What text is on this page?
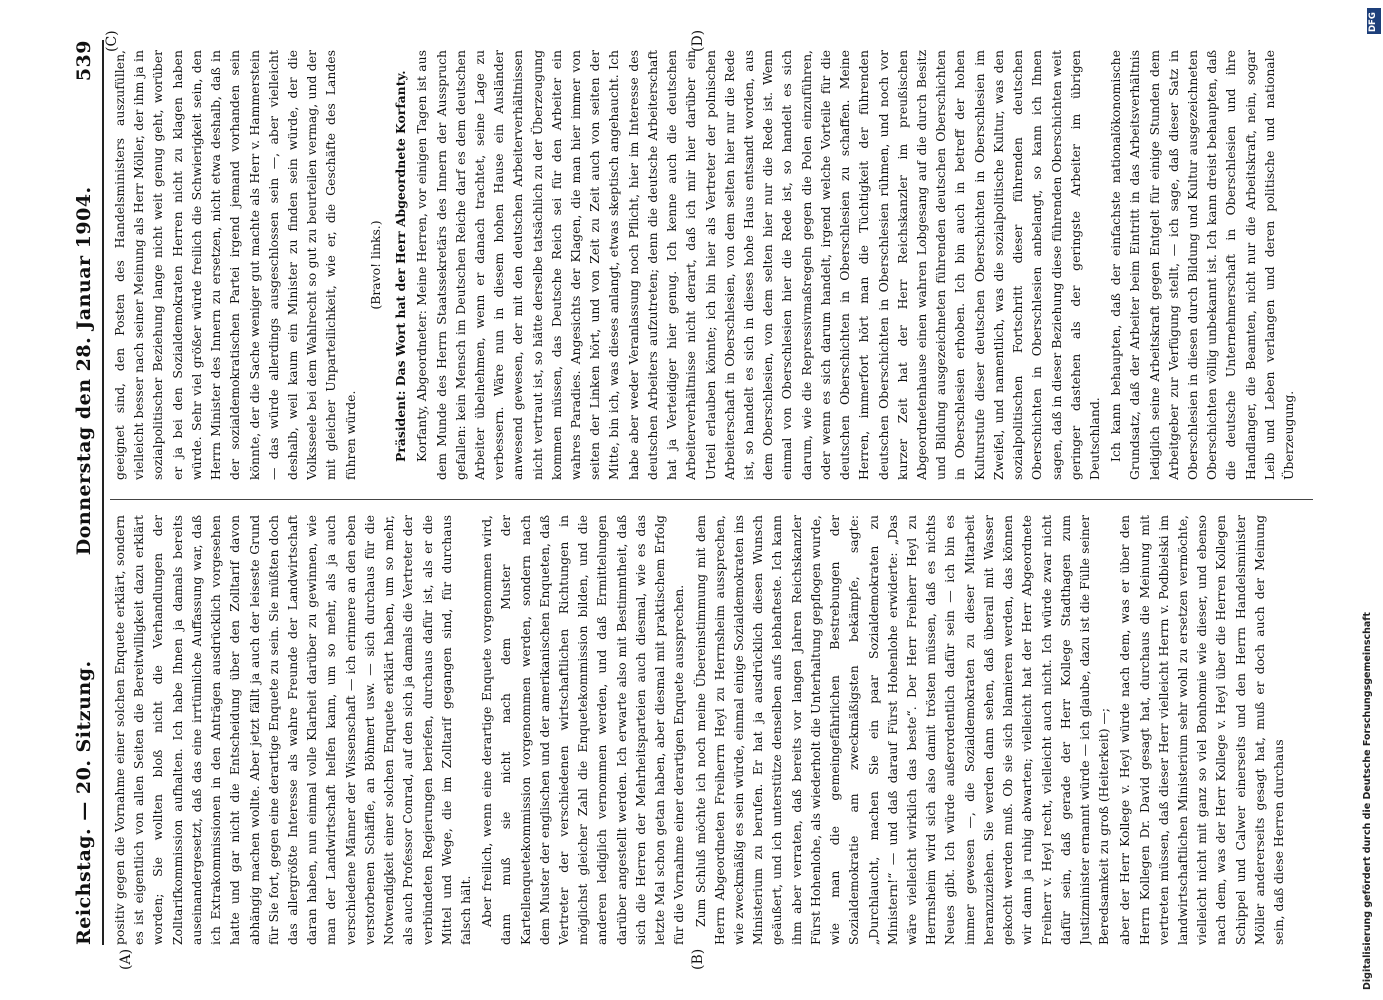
Reichstag. — 20. Sitzung.
Donnerstag den 28. Januar 1904.
539
(A)	(B)
(C)	(D)

positiv gegen die Vornahme einer solchen Enquete erklärt, sondern es ist eigentlich von allen Seiten die Bereitwilligkeit dazu erklärt worden; Sie wollten bloß nicht die Verhandlungen der Zolltarifkommission aufhalten. Ich habe Ihnen ja damals bereits auseinandergesetzt, daß das eine irrtümliche Auffassung war, daß ich Extrakommissionen in den Anträgen ausdrücklich vorgesehen hatte und gar nicht die Entscheidung über den Zolltarif davon abhängig machen wollte. Aber jetzt fällt ja auch der leiseste Grund für Sie fort, gegen eine derartige Enquete zu sein. Sie müßten doch das allergrößte Interesse als wahre Freunde der Landwirtschaft daran haben, nun einmal volle Klarheit darüber zu gewinnen, wie man der Landwirtschaft helfen kann, um so mehr, als ja auch verschiedene Männer der Wissenschaft — ich erinnere an den eben verstorbenen Schäffle, an Böhmert usw. — sich durchaus für die Notwendigkeit einer solchen Enquete erklärt haben, um so mehr, als auch Professor Conrad, auf den sich ja damals die Vertreter der verbündeten Regierungen beriefen, durchaus dafür ist, als er die Mittel und Wege, die im Zolltarif gegangen sind, für durchaus falsch hält. Aber freilich, wenn eine derartige Enquete vorgenommen wird, dann muß sie nicht nach dem Muster der Kartellenquetekommission vorgenommen werden, sondern nach dem Muster der englischen und der amerikanischen Enqueten, daß Vertreter der verschiedenen wirtschaftlichen Richtungen in möglichst gleicher Zahl die Enquetekommission bilden, und die anderen lediglich vernommen werden, und daß Ermittelungen darüber angestellt werden. Ich erwarte also mit Bestimmtheit, daß sich die Herren der Mehrheitsparteien auch diesmal, wie es das letzte Mal schon getan haben, aber diesmal mit praktischem Erfolg für die Vornahme einer derartigen Enquete aussprechen. Zum Schluß möchte ich noch meine Übereinstimmung mit dem Herrn Abgeordneten Freiherrn Heyl zu Herrnsheim aussprechen, wie zweckmäßig es sein würde, einmal einige Sozialdemokraten ins Ministerium zu berufen. Er hat ja ausdrücklich diesen Wunsch geäußert, und ich unterstütze denselben aufs lebhafteste. Ich kann ihm aber verraten, daß bereits vor langen Jahren Reichskanzler Fürst Hohenlohe, als wiederholt die Unterhaltung gepflogen wurde, wie man die gemeingefährlichen Bestrebungen der Sozialdemokratie am zweckmäßigsten bekämpfe, sagte: „Durchlaucht, machen Sie ein paar Sozialdemokraten zu Ministern!“ — und daß darauf Fürst Hohenlohe erwiderte: „Das wäre vielleicht wirklich das beste“. Der Herr Freiherr Heyl zu Herrnsheim wird sich also damit trösten müssen, daß es nichts Neues gibt. Ich würde außerordentlich dafür sein — ich bin es immer gewesen —, die Sozialdemokraten zu dieser Mitarbeit heranzuziehen. Sie werden dann sehen, daß überall mit Wasser gekocht werden muß. Ob sie sich blamieren werden, das können wir dann ja ruhig abwarten; vielleicht hat der Herr Abgeordnete Freiherr v. Heyl recht, vielleicht auch nicht. Ich würde zwar nicht dafür sein, daß gerade der Herr Kollege Stadthagen zum Justizminister ernannt würde — ich glaube, dazu ist die Fülle seiner Beredsamkeit zu groß (Heiterkeit) —; aber der Herr Kollege v. Heyl würde nach dem, was er über den Herrn Kollegen Dr. David gesagt hat, durchaus die Meinung mit vertreten müssen, daß dieser Herr vielleicht Herrn v. Podbielski im landwirtschaftlichen Ministerium sehr wohl zu ersetzen vermöchte, vielleicht nicht mit ganz so viel Bonhomie wie dieser, und ebenso nach dem, was der Herr Kollege v. Heyl über die Herren Kollegen Schippel und Calwer einerseits und den Herrn Handelsminister Möller andererseits gesagt hat, muß er doch auch der Meinung sein, daß diese Herren durchaus

geeignet sind, den Posten des Handelsministers auszufüllen, vielleicht besser nach seiner Meinung als Herr Möller, der ihm ja in sozialpolitischer Beziehung lange nicht weit genug geht, worüber er ja bei den Sozialdemokraten Herren nicht zu klagen haben würde. Sehr viel größer würde freilich die Schwierigkeit sein, den Herrn Minister des Innern zu ersetzen, nicht etwa deshalb, daß in der sozialdemokratischen Partei irgend jemand vorhanden sein könnte, der die Sache weniger gut machte als Herr v. Hammerstein — das würde allerdings ausgeschlossen sein —, aber vielleicht deshalb, weil kaum ein Minister zu finden sein würde, der die Volksseele bei dem Wahlrecht so gut zu beurteilen vermag, und der mit gleicher Unparteilichkeit, wie er, die Geschäfte des Landes führen würde.

(Bravo! links.) Präsident: Das Wort hat der Herr Abgeordnete Korfanty. Korfanty, Abgeordneter: Meine Herren, vor einigen Tagen ist aus dem Munde des Herrn Staatssekretärs des Innern der Ausspruch gefallen: kein Mensch im Deutschen Reiche darf es dem deutschen Arbeiter übelnehmen, wenn er danach trachtet, seine Lage zu verbessern. Wäre nun in diesem hohen Hause ein Ausländer anwesend gewesen, der mit den deutschen Arbeiterverhältnissen nicht vertraut ist, so hätte derselbe tatsächlich zu der Überzeugung kommen müssen, das Deutsche Reich sei für den Arbeiter ein wahres Paradies. Angesichts der Klagen, die man hier immer von seiten der Linken hört, und von Zeit zu Zeit auch von seiten der Mitte, bin ich, was dieses anlangt, etwas skeptisch angehaucht. Ich habe aber weder Veranlassung noch Pflicht, hier im Interesse des deutschen Arbeiters aufzutreten; denn die deutsche Arbeiterschaft hat ja Verteidiger hier genug. Ich kenne auch die deutschen Arbeiterverhältnisse nicht derart, daß ich mir hier darüber ein Urteil erlauben könnte; ich bin hier als Vertreter der polnischen Arbeiterschaft in Oberschlesien, von dem selten hier nur die Rede ist, so handelt es sich in dieses hohe Haus entsandt worden, aus dem Oberschlesien, von dem selten hier nur die Rede ist. Wenn einmal von Oberschlesien hier die Rede ist, so handelt es sich darum, wie die Repressivmaßregeln gegen die Polen einzuführen, oder wenn es sich darum handelt, irgend welche Vorteile für die deutschen Oberschichten in Oberschlesien zu schaffen. Meine Herren, immerfort hört man die Tüchtigkeit der führenden deutschen Oberschichten in Oberschlesien rühmen, und noch vor kurzer Zeit hat der Herr Reichskanzler im preußischen Abgeordnetenhause einen wahren Lobgesang auf die durch Besitz und Bildung ausgezeichneten führenden deutschen Oberschichten in Oberschlesien erhoben. Ich bin auch in betreff der hohen Kulturstufe dieser deutschen Oberschichten in Oberschlesien im Zweifel, und namentlich, was die sozialpolitische Kultur, was den sozialpolitischen Fortschritt dieser führenden deutschen Oberschichten in Oberschlesien anbelangt, so kann ich Ihnen sagen, daß in dieser Beziehung diese führenden Oberschichten weit geringer dastehen als der geringste Arbeiter im übrigen Deutschland. Ich kann behaupten, daß der einfachste nationalökonomische Grundsatz, daß der Arbeiter beim Eintritt in das Arbeitsverhältnis lediglich seine Arbeitskraft gegen Entgelt für einige Stunden dem Arbeitgeber zur Verfügung stellt, — ich sage, daß dieser Satz in Oberschlesien in diesen durch Bildung und Kultur ausgezeichneten Oberschichten völlig unbekannt ist. Ich kann dreist behaupten, daß die deutsche Unternehmerschaft in Oberschlesien und ihre Handlanger, die Beamten, nicht nur die Arbeitskraft, nein, sogar Leib und Leben verlangen und deren politische und nationale Überzeugung.

Digitalisierung gefördert durch die Deutsche Forschungsgemeinschaft
DFG
